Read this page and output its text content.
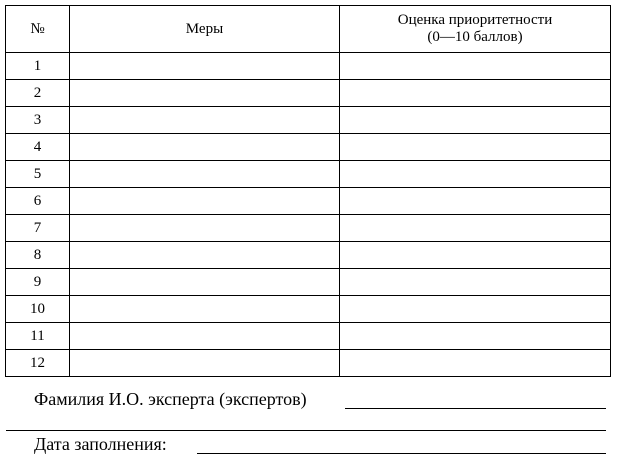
№	Меры	Оценка приоритетности
(0—10 баллов)

1		
2		
3		
4		
5		
6		
7		
8		
9		
10		
11		
12		
Фамилия И.О. эксперта (экспертов)
Дата заполнения:
